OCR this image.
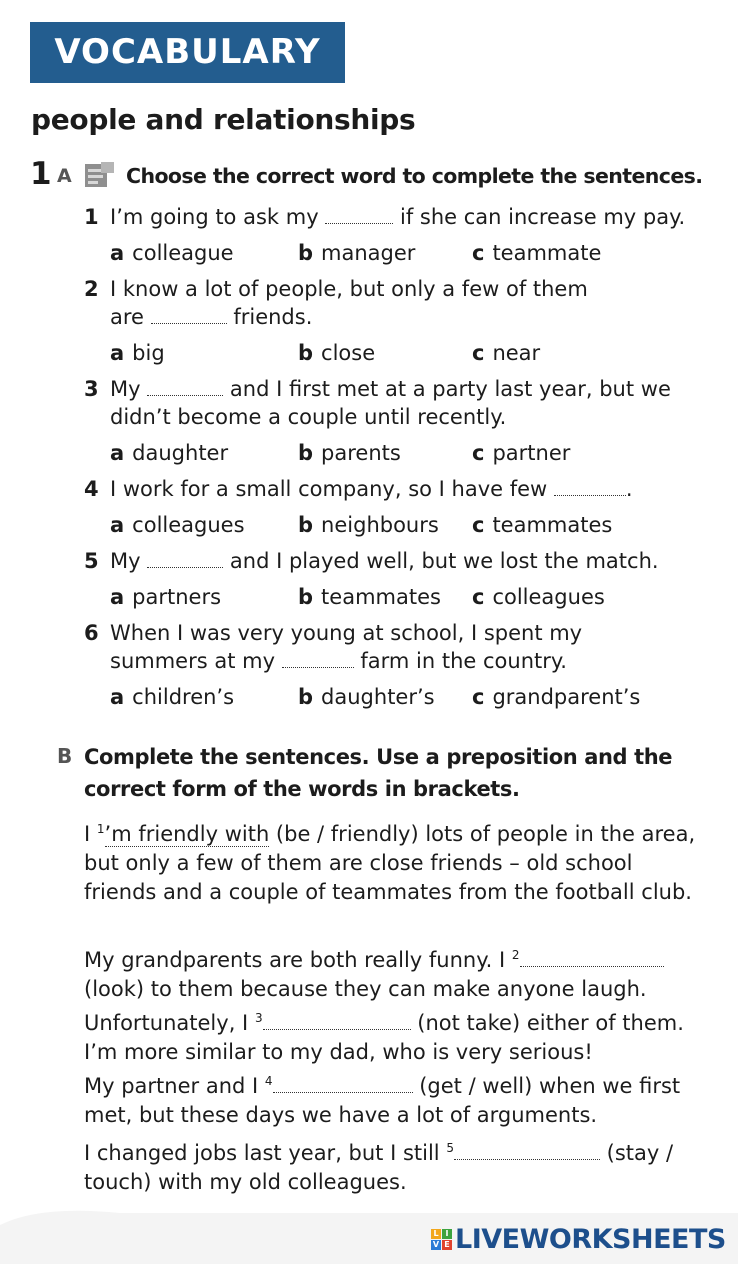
VOCABULARY
people and relationships
1 A	Choose the correct word to complete the sentences.
1 I’m going to ask my	if she can increase my pay.
a colleague	b manager	c teammate
2 I know a lot of people, but only a few of them
are	friends.
a big	b close	c near
3 My	and I first met at a party last year, but we
didn’t become a couple until recently.
a daughter	b parents	c partner
4 I work for a small company, so I have few	.
a colleagues	b neighbours c teammates
5 My	and I played well, but we lost the match.
a partners	b teammates c colleagues
6 When I was very young at school, I spent my
summers at my	farm in the country.
a children’s	b daughter’s c grandparent’s
B Complete the sentences. Use a preposition and the correct form of the words in brackets.
I $^1$’m friendly with (be / friendly) lots of people in the area, but only a few of them are close friends – old school friends and a couple of teammates from the football club.
My grandparents are both really funny. I $^2$ (look) to them because they can make anyone laugh. Unfortunately, I $^3$	(not take) either of them. I’m more similar to my dad, who is very serious!
My partner and I $^4$	(get / well) when we first met, but these days we have a lot of arguments.
I changed jobs last year, but I still $^5$	(stay / touch) with my old colleagues.
L I
V E LIVEWORKSHEETS
